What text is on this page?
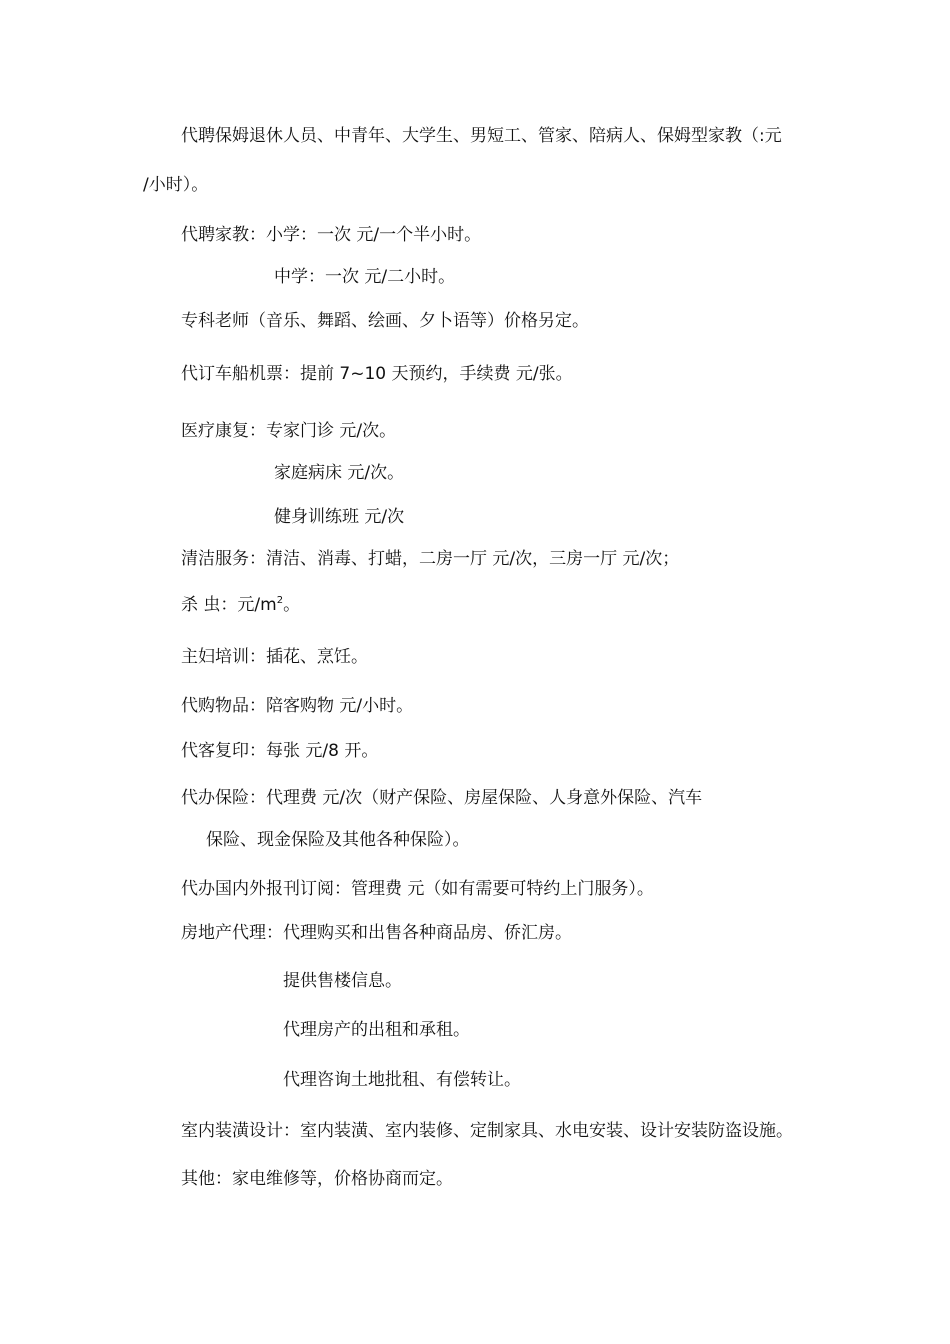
代聘保姆退休人员、中青年、大学生、男短工、管家、陪病人、保姆型家教（:元
/小时）。
代聘家教：小学：一次 元/一个半小时。
中学：一次 元/二小时。
专科老师（音乐、舞蹈、绘画、夕卜语等）价格另定。
代订车船机票：提前 7~10 天预约，手续费 元/张。
医疗康复：专家门诊 元/次。
家庭病床 元/次。
健身训练班 元/次
清洁服务：清洁、消毒、打蜡，二房一厅 元/次，三房一厅 元/次；
杀 虫：元$/m^2$。
主妇培训：插花、烹饪。
代购物品：陪客购物 元/小时。
代客复印：每张 元/8 开。
代办保险：代理费 元/次（财产保险、房屋保险、人身意外保险、汽车
保险、现金保险及其他各种保险）。
代办国内外报刊订阅：管理费 元（如有需要可特约上门服务）。
房地产代理：代理购买和出售各种商品房、侨汇房。
提供售楼信息。
代理房产的出租和承租。
代理咨询土地批租、有偿转让。
室内装潢设计：室内装潢、室内装修、定制家具、水电安装、设计安装防盗设施。
其他：家电维修等，价格协商而定。
